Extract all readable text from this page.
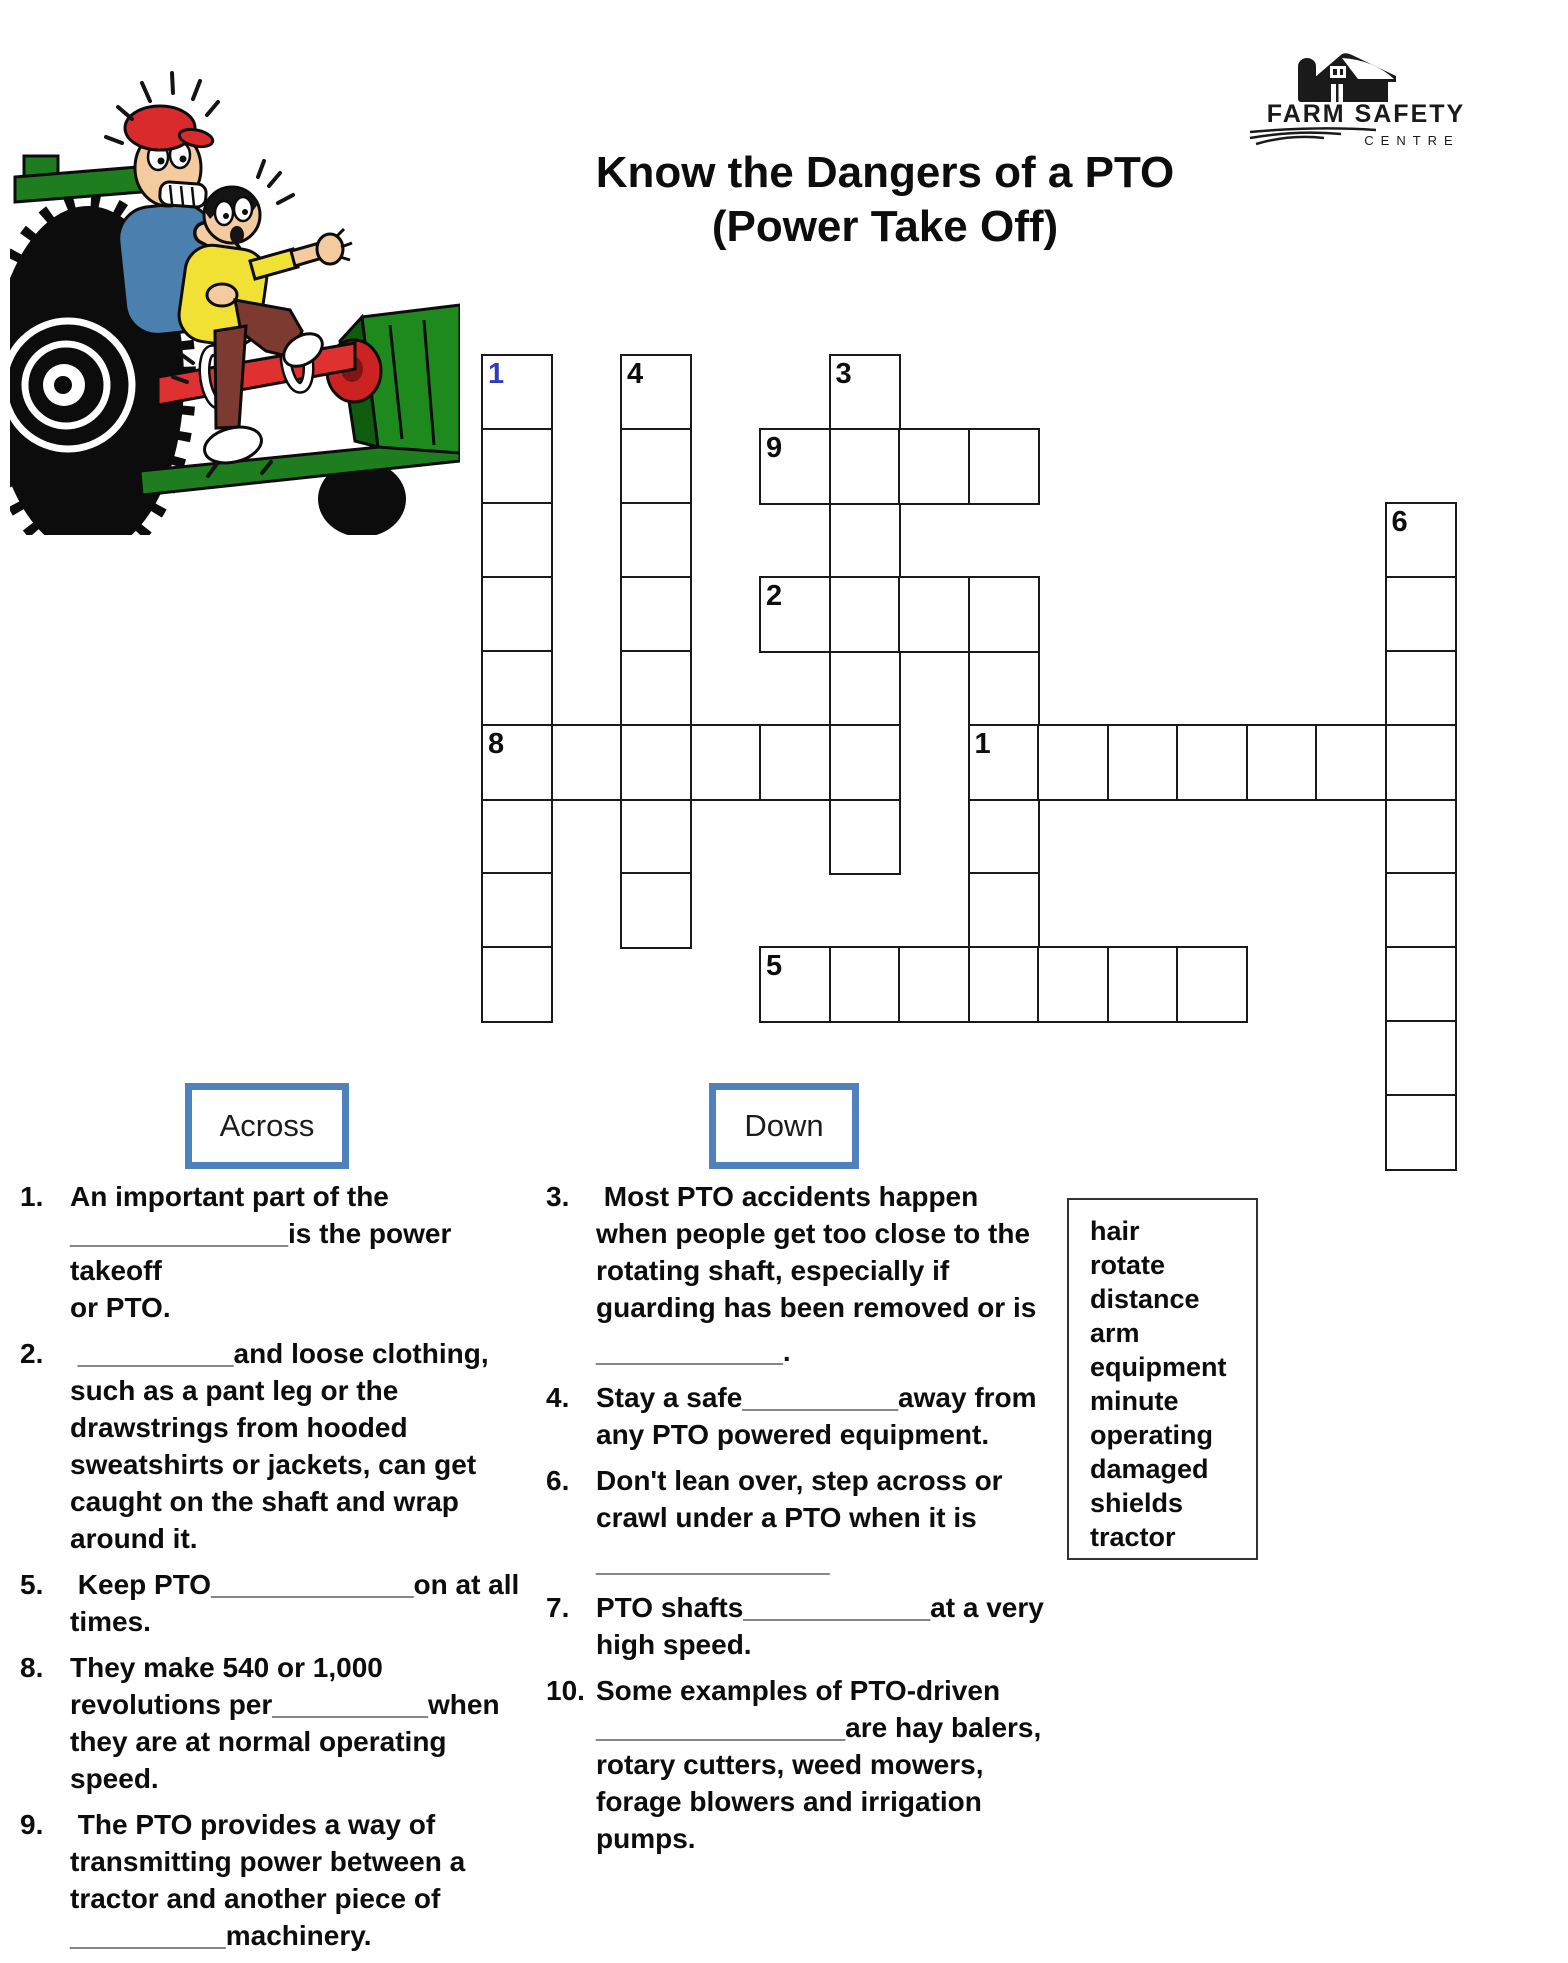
FARM SAFETY
CENTRE
Know the Dangers of a PTO
(Power Take Off)
1	4	3
6
9
2
8	1
5
Across	Down
1. An important part of the
______________is the power takeoff
or PTO.
2. __________and loose clothing,
such as a pant leg or the
drawstrings from hooded
sweatshirts or jackets, can get
caught on the shaft and wrap
around it.
5. Keep PTO_____________on at all
times.
8. They make 540 or 1,000
revolutions per__________when
they are at normal operating
speed.
9. The PTO provides a way of
transmitting power between a
tractor and another piece of
__________machinery.
3. Most PTO accidents happen
when people get too close to the
rotating shaft, especially if
guarding has been removed or is
____________.
4. Stay a safe__________away from
any PTO powered equipment.
6. Don't lean over, step across or
crawl under a PTO when it is
_______________
7. PTO shafts____________at a very
high speed.
10. Some examples of PTO-driven
________________are hay balers,
rotary cutters, weed mowers,
forage blowers and irrigation
pumps.
hair
rotate
distance
arm
equipment
minute
operating
damaged
shields
tractor
